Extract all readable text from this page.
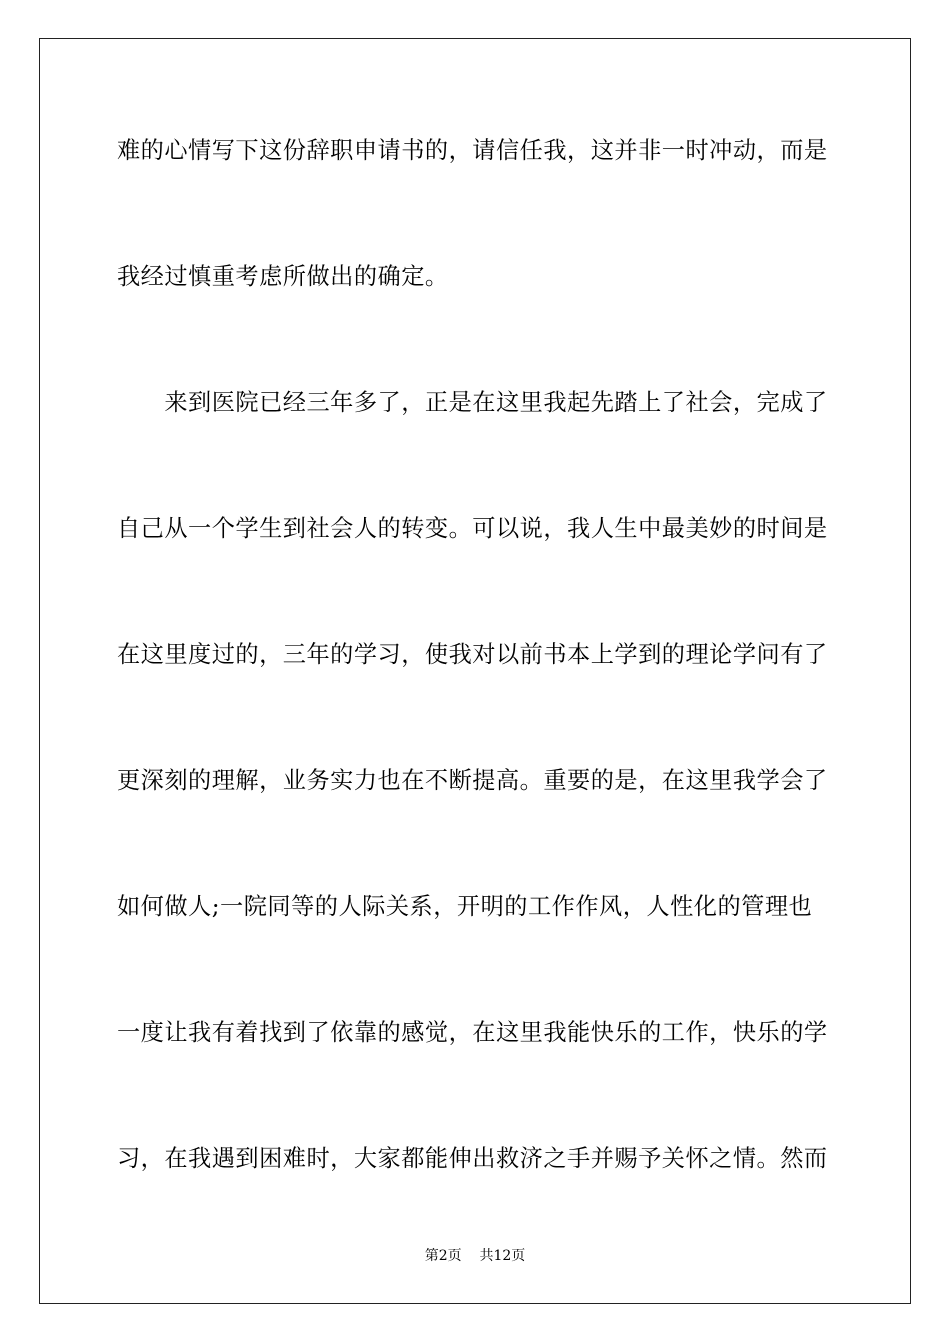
难的心情写下这份辞职申请书的，请信任我，这并非一时冲动，而是
我经过慎重考虑所做出的确定。
　　来到医院已经三年多了，正是在这里我起先踏上了社会，完成了
自己从一个学生到社会人的转变。可以说，我人生中最美妙的时间是
在这里度过的，三年的学习，使我对以前书本上学到的理论学问有了
更深刻的理解，业务实力也在不断提高。重要的是，在这里我学会了
如何做人;一院同等的人际关系，开明的工作作风，人性化的管理也
一度让我有着找到了依靠的感觉，在这里我能快乐的工作，快乐的学
习，在我遇到困难时，大家都能伸出救济之手并赐予关怀之情。然而
第2页    共12页
